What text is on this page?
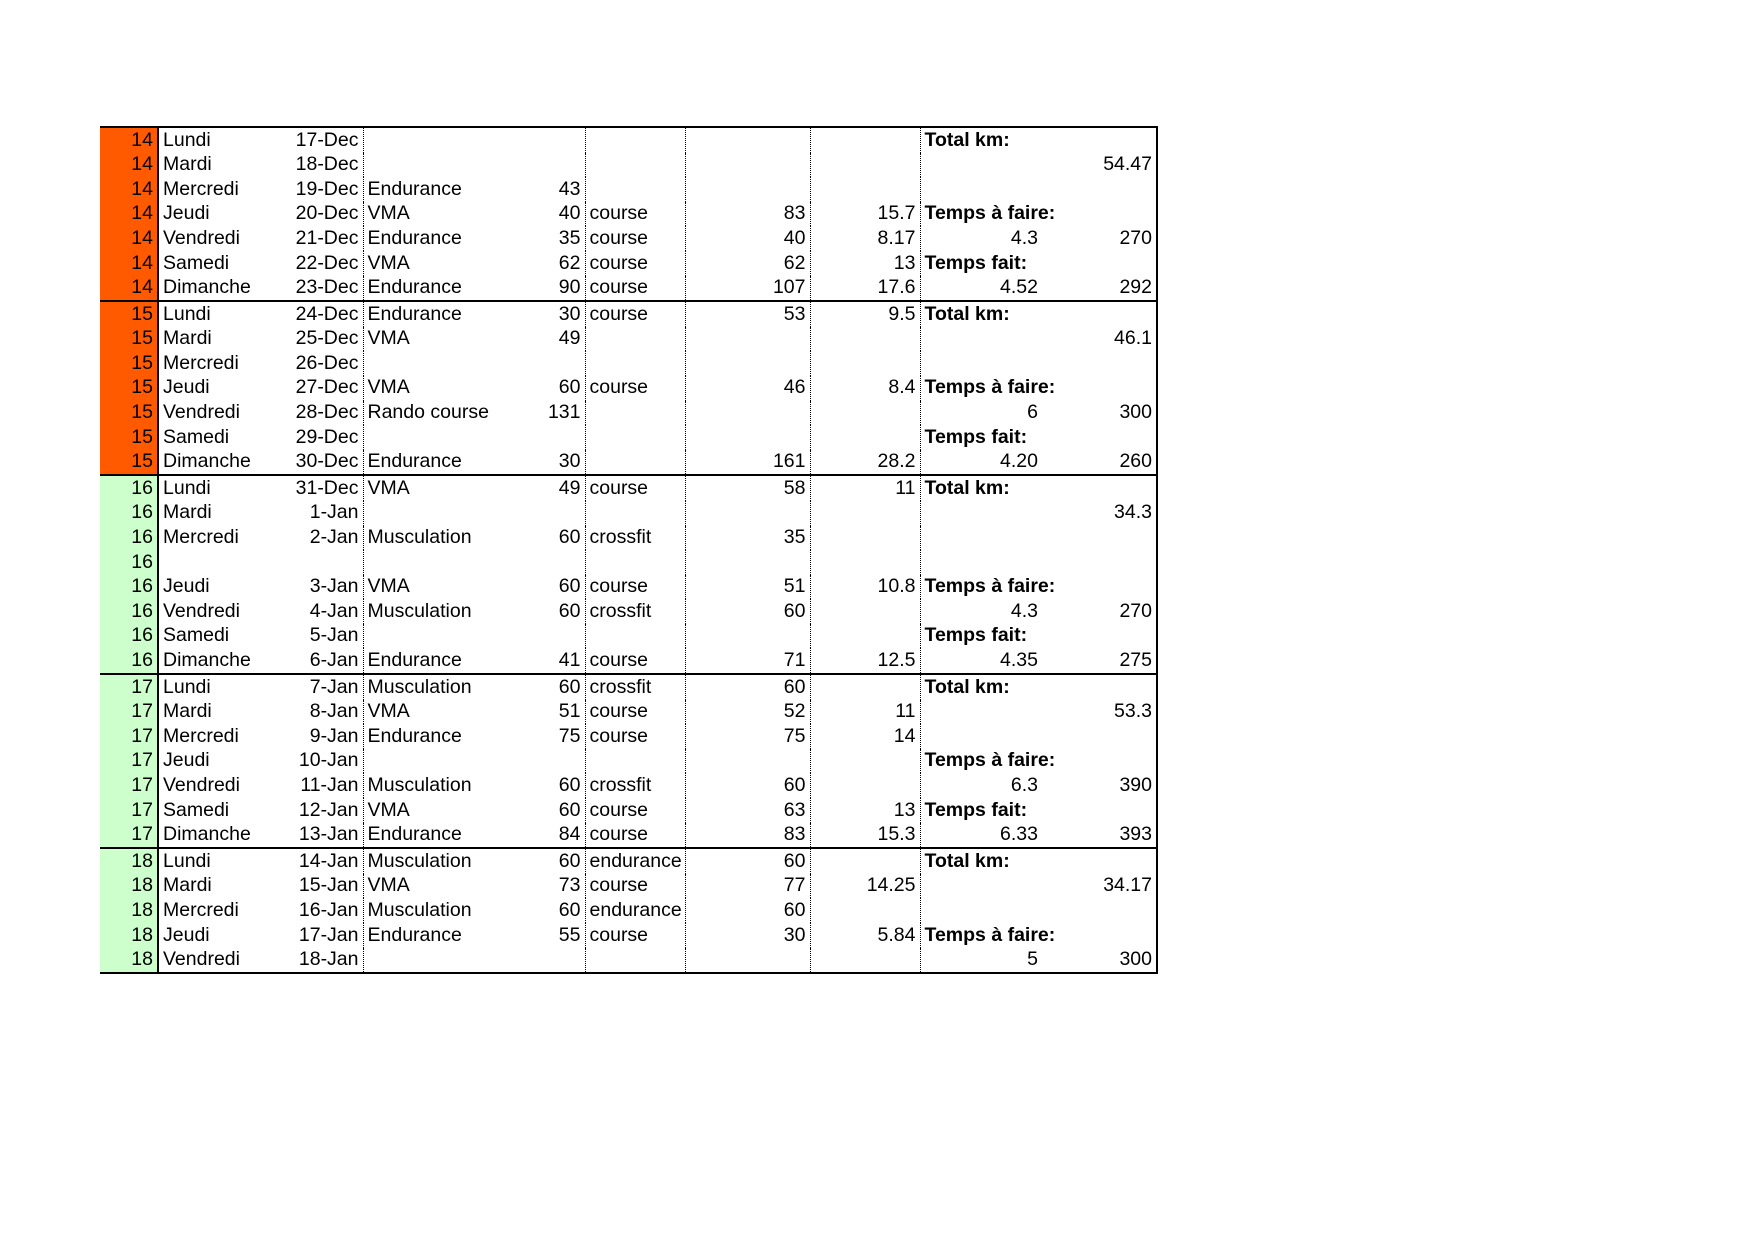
14	Lundi	17-Dec						Total km:	
14	Mardi	18-Dec							54.47
14	Mercredi	19-Dec	Endurance	43					
14	Jeudi	20-Dec	VMA	40	course	83	15.7	Temps à faire:	
14	Vendredi	21-Dec	Endurance	35	course	40	8.17	4.3	270
14	Samedi	22-Dec	VMA	62	course	62	13	Temps fait:	
14	Dimanche	23-Dec	Endurance	90	course	107	17.6	4.52	292
15	Lundi	24-Dec	Endurance	30	course	53	9.5	Total km:	
15	Mardi	25-Dec	VMA	49					46.1
15	Mercredi	26-Dec							
15	Jeudi	27-Dec	VMA	60	course	46	8.4	Temps à faire:	
15	Vendredi	28-Dec	Rando course	131				6	300
15	Samedi	29-Dec						Temps fait:	
15	Dimanche	30-Dec	Endurance	30		161	28.2	4.20	260
16	Lundi	31-Dec	VMA	49	course	58	11	Total km:	
16	Mardi	1-Jan							34.3
16	Mercredi	2-Jan	Musculation	60	crossfit	35			
16									
16	Jeudi	3-Jan	VMA	60	course	51	10.8	Temps à faire:	
16	Vendredi	4-Jan	Musculation	60	crossfit	60		4.3	270
16	Samedi	5-Jan						Temps fait:	
16	Dimanche	6-Jan	Endurance	41	course	71	12.5	4.35	275
17	Lundi	7-Jan	Musculation	60	crossfit	60		Total km:	
17	Mardi	8-Jan	VMA	51	course	52	11		53.3
17	Mercredi	9-Jan	Endurance	75	course	75	14		
17	Jeudi	10-Jan						Temps à faire:	
17	Vendredi	11-Jan	Musculation	60	crossfit	60		6.3	390
17	Samedi	12-Jan	VMA	60	course	63	13	Temps fait:	
17	Dimanche	13-Jan	Endurance	84	course	83	15.3	6.33	393
18	Lundi	14-Jan	Musculation	60	endurance	60		Total km:	
18	Mardi	15-Jan	VMA	73	course	77	14.25		34.17
18	Mercredi	16-Jan	Musculation	60	endurance	60			
18	Jeudi	17-Jan	Endurance	55	course	30	5.84	Temps à faire:	
18	Vendredi	18-Jan						5	300
